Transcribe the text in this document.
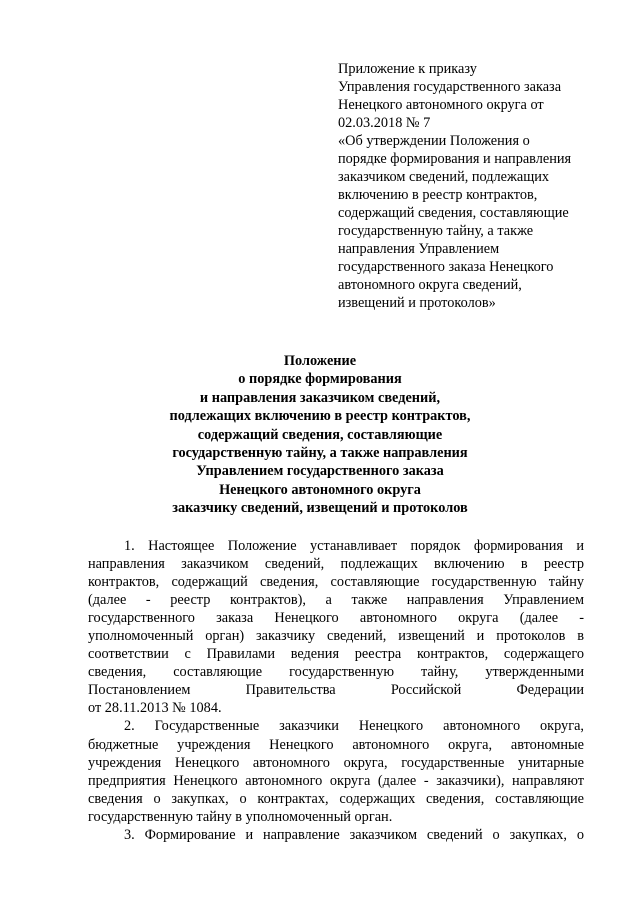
Приложение к приказу
Управления государственного заказа
Ненецкого автономного округа от
02.03.2018 № 7
«Об утверждении Положения о
порядке формирования и направления
заказчиком сведений, подлежащих
включению в реестр контрактов,
содержащий сведения, составляющие
государственную тайну, а также
направления Управлением
государственного заказа Ненецкого
автономного округа сведений,
извещений и протоколов»
Положение
о порядке формирования
и направления заказчиком сведений,
подлежащих включению в реестр контрактов,
содержащий сведения, составляющие
государственную тайну, а также направления
Управлением государственного заказа
Ненецкого автономного округа
заказчику сведений, извещений и протоколов
1. Настоящее Положение устанавливает порядок формирования и
направления заказчиком сведений, подлежащих включению в реестр
контрактов, содержащий сведения, составляющие государственную тайну
(далее - реестр контрактов), а также направления Управлением
государственного заказа Ненецкого автономного округа (далее -
уполномоченный орган) заказчику сведений, извещений и протоколов в
соответствии с Правилами ведения реестра контрактов, содержащего
сведения, составляющие государственную тайну, утвержденными
Постановлением Правительства Российской Федерации
от 28.11.2013 № 1084.
2. Государственные заказчики Ненецкого автономного округа,
бюджетные учреждения Ненецкого автономного округа, автономные
учреждения Ненецкого автономного округа, государственные унитарные
предприятия Ненецкого автономного округа (далее - заказчики), направляют
сведения о закупках, о контрактах, содержащих сведения, составляющие
государственную тайну в уполномоченный орган.
3. Формирование и направление заказчиком сведений о закупках, о
